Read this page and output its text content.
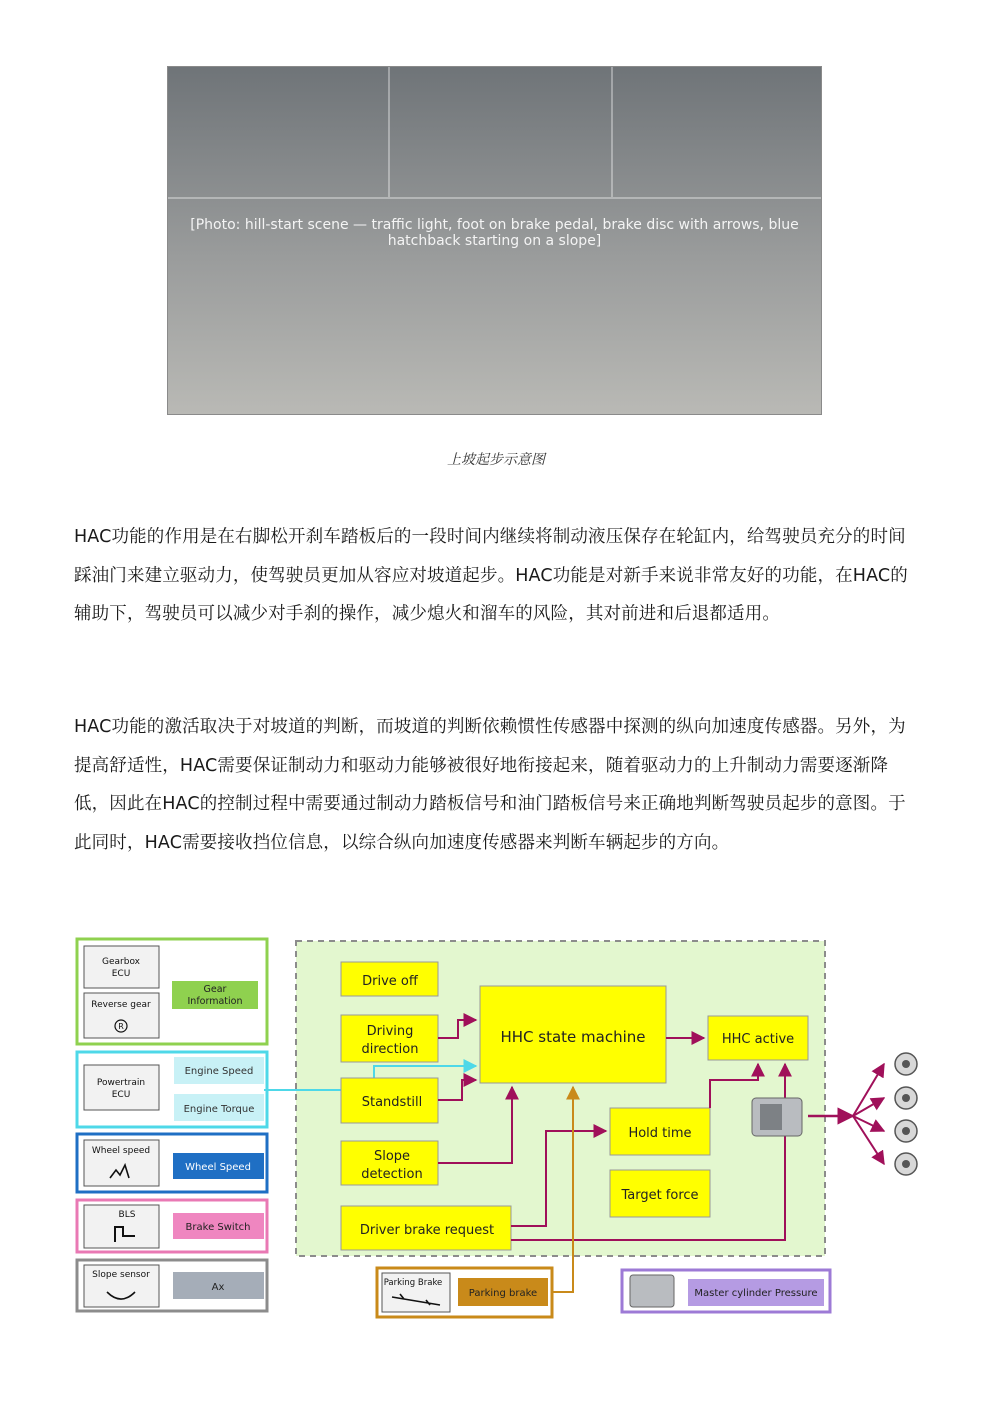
[Photo: hill-start scene — traffic light, foot on brake pedal, brake disc with arrows, blue hatchback starting on a slope]
上坡起步示意图
HAC功能的作用是在右脚松开刹车踏板后的一段时间内继续将制动液压保存在轮缸内，给驾驶员充分的时间踩油门来建立驱动力，使驾驶员更加从容应对坡道起步。HAC功能是对新手来说非常友好的功能，在HAC的辅助下，驾驶员可以减少对手刹的操作，减少熄火和溜车的风险，其对前进和后退都适用。
HAC功能的激活取决于对坡道的判断，而坡道的判断依赖惯性传感器中探测的纵向加速度传感器。另外，为提高舒适性，HAC需要保证制动力和驱动力能够被很好地衔接起来，随着驱动力的上升制动力需要逐渐降低，因此在HAC的控制过程中需要通过制动力踏板信号和油门踏板信号来正确地判断驾驶员起步的意图。于此同时，HAC需要接收挡位信息，以综合纵向加速度传感器来判断车辆起步的方向。
Gearbox
ECU
Reverse gear
R
Gear
Information
Powertrain
ECU
Engine Speed
Engine Torque
Wheel speed
Wheel Speed
BLS
Brake Switch
Slope sensor
Ax
Drive off
Driving
direction
Standstill
Slope
detection
Driver brake request
HHC state machine	HHC active
Hold time
Target force
Parking Brake
Parking brake	Master cylinder Pressure
